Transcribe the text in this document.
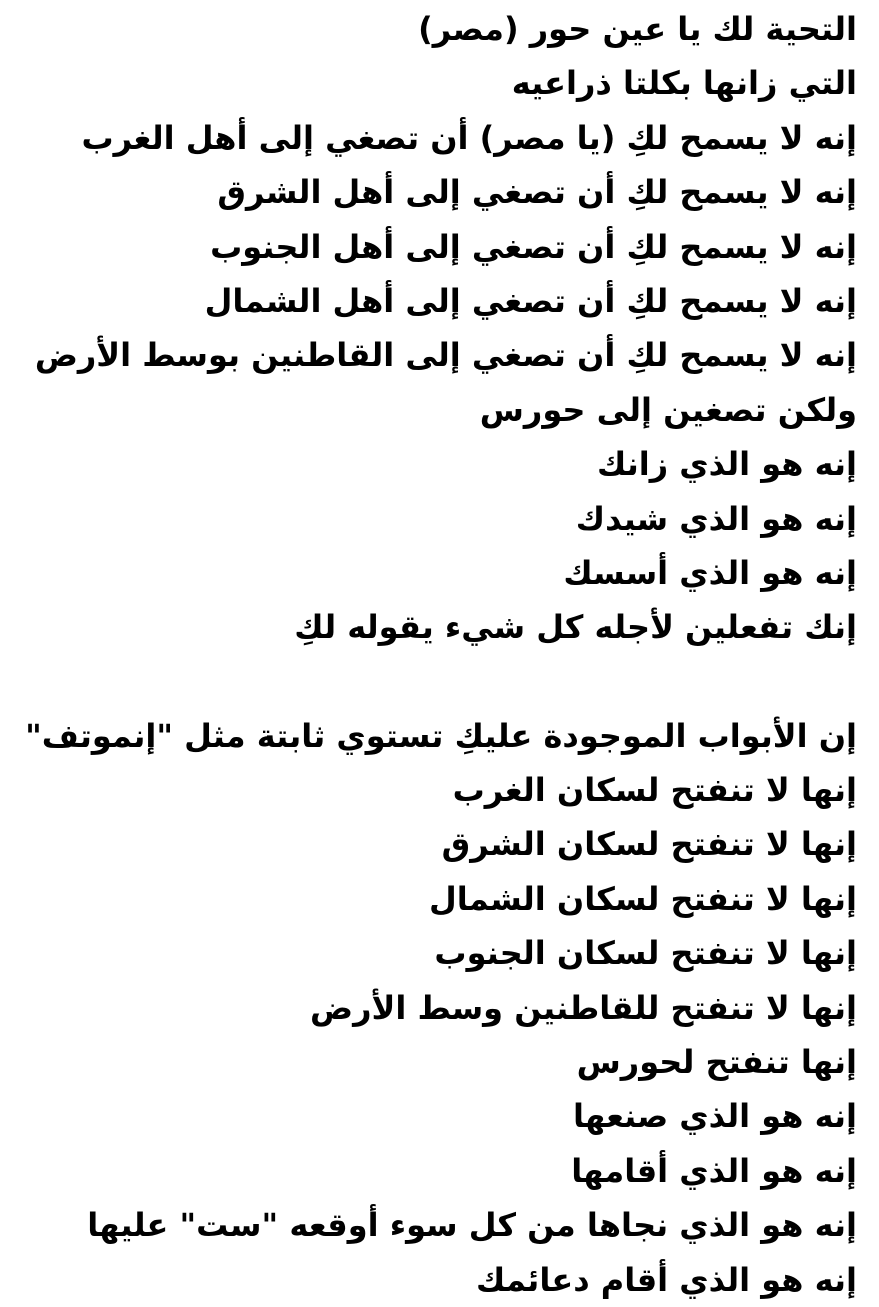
التحية لك يا عين حور (مصر)
التي زانها بكلتا ذراعيه
إنه لا يسمح لكِ (يا مصر) أن تصغي إلى أهل الغرب
إنه لا يسمح لكِ أن تصغي إلى أهل الشرق
إنه لا يسمح لكِ أن تصغي إلى أهل الجنوب
إنه لا يسمح لكِ أن تصغي إلى أهل الشمال
إنه لا يسمح لكِ أن تصغي إلى القاطنين بوسط الأرض
ولكن تصغين إلى حورس
إنه هو الذي زانك
إنه هو الذي شيدك
إنه هو الذي أسسك
إنك تفعلين لأجله كل شيء يقوله لكِ
إن الأبواب الموجودة عليكِ تستوي ثابتة مثل "إنموتف"
إنها لا تنفتح لسكان الغرب
إنها لا تنفتح لسكان الشرق
إنها لا تنفتح لسكان الشمال
إنها لا تنفتح لسكان الجنوب
إنها لا تنفتح للقاطنين وسط الأرض
إنها تنفتح لحورس
إنه هو الذي صنعها
إنه هو الذي أقامها
إنه هو الذي نجاها من كل سوء أوقعه "ست" عليها
إنه هو الذي أقام دعائمك
